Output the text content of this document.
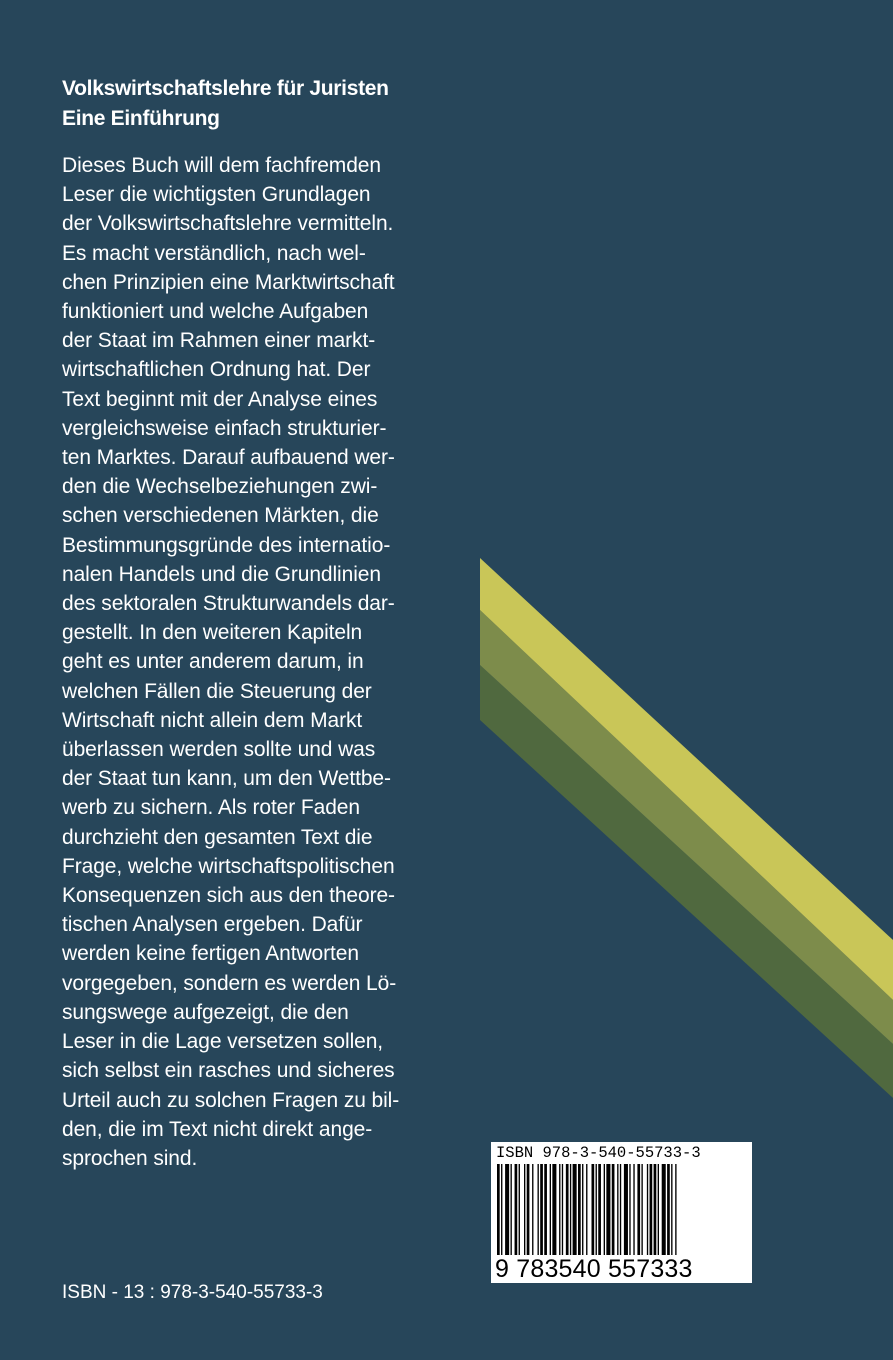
Volkswirtschaftslehre für Juristen
Eine Einführung
Dieses Buch will dem fachfremden
Leser die wichtigsten Grundlagen
der Volkswirtschaftslehre vermitteln.
Es macht verständlich, nach wel-
chen Prinzipien eine Marktwirtschaft
funktioniert und welche Aufgaben
der Staat im Rahmen einer markt-
wirtschaftlichen Ordnung hat. Der
Text beginnt mit der Analyse eines
vergleichsweise einfach strukturier-
ten Marktes. Darauf aufbauend wer-
den die Wechselbeziehungen zwi-
schen verschiedenen Märkten, die
Bestimmungsgründe des internatio-
nalen Handels und die Grundlinien
des sektoralen Strukturwandels dar-
gestellt. In den weiteren Kapiteln
geht es unter anderem darum, in
welchen Fällen die Steuerung der
Wirtschaft nicht allein dem Markt
überlassen werden sollte und was
der Staat tun kann, um den Wettbe-
werb zu sichern. Als roter Faden
durchzieht den gesamten Text die
Frage, welche wirtschaftspolitischen
Konsequenzen sich aus den theore-
tischen Analysen ergeben. Dafür
werden keine fertigen Antworten
vorgegeben, sondern es werden Lö-
sungswege aufgezeigt, die den
Leser in die Lage versetzen sollen,
sich selbst ein rasches und sicheres
Urteil auch zu solchen Fragen zu bil-
den, die im Text nicht direkt ange-
sprochen sind.
ISBN - 13 : 978-3-540-55733-3
ISBN 978-3-540-55733-3
9 783540 557333
